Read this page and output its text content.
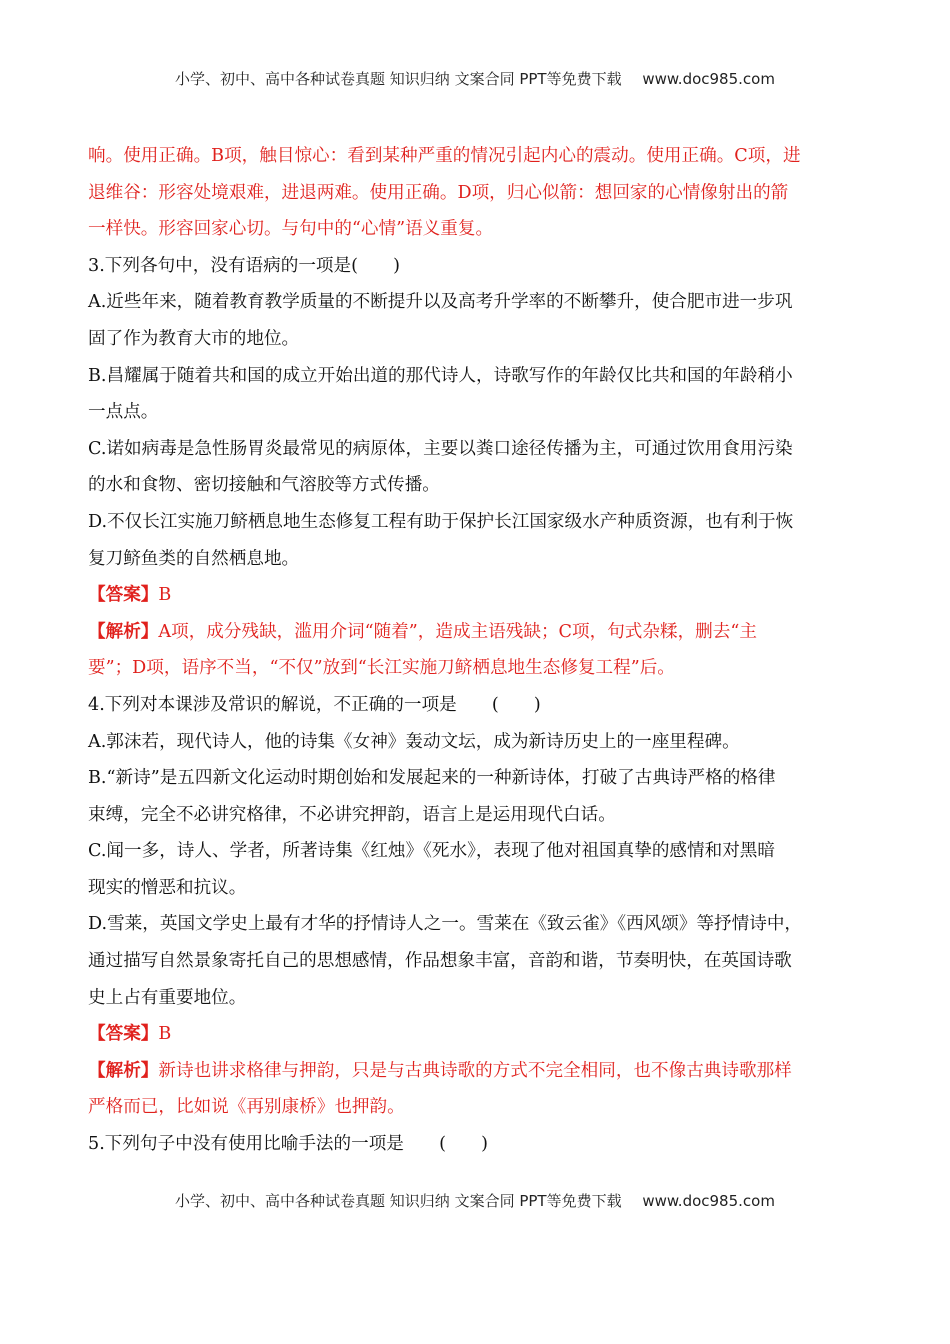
小学、初中、高中各种试卷真题 知识归纳 文案合同 PPT等免费下载 www.doc985.com
响。使用正确。B项，触目惊心：看到某种严重的情况引起内心的震动。使用正确。C项，进
退维谷：形容处境艰难，进退两难。使用正确。D项，归心似箭：想回家的心情像射出的箭
一样快。形容回家心切。与句中的“心情”语义重复。
3.下列各句中，没有语病的一项是(　　)
A.近些年来，随着教育教学质量的不断提升以及高考升学率的不断攀升，使合肥市进一步巩
固了作为教育大市的地位。
B.昌耀属于随着共和国的成立开始出道的那代诗人，诗歌写作的年龄仅比共和国的年龄稍小
一点点。
C.诺如病毒是急性肠胃炎最常见的病原体，主要以粪口途径传播为主，可通过饮用食用污染
的水和食物、密切接触和气溶胶等方式传播。
D.不仅长江实施刀鲚栖息地生态修复工程有助于保护长江国家级水产种质资源，也有利于恢
复刀鲚鱼类的自然栖息地。
【答案】B
【解析】A项，成分残缺，滥用介词“随着”，造成主语残缺；C项，句式杂糅，删去“主
要”；D项，语序不当，“不仅”放到“长江实施刀鲚栖息地生态修复工程”后。
4.下列对本课涉及常识的解说，不正确的一项是　　(　　)
A.郭沫若，现代诗人，他的诗集《女神》轰动文坛，成为新诗历史上的一座里程碑。
B.“新诗”是五四新文化运动时期创始和发展起来的一种新诗体，打破了古典诗严格的格律
束缚，完全不必讲究格律，不必讲究押韵，语言上是运用现代白话。
C.闻一多，诗人、学者，所著诗集《红烛》《死水》，表现了他对祖国真挚的感情和对黑暗
现实的憎恶和抗议。
D.雪莱，英国文学史上最有才华的抒情诗人之一。雪莱在《致云雀》《西风颂》等抒情诗中，
通过描写自然景象寄托自己的思想感情，作品想象丰富，音韵和谐，节奏明快，在英国诗歌
史上占有重要地位。
【答案】B
【解析】新诗也讲求格律与押韵，只是与古典诗歌的方式不完全相同，也不像古典诗歌那样
严格而已，比如说《再别康桥》也押韵。
5.下列句子中没有使用比喻手法的一项是　　(　　)
小学、初中、高中各种试卷真题 知识归纳 文案合同 PPT等免费下载 www.doc985.com
